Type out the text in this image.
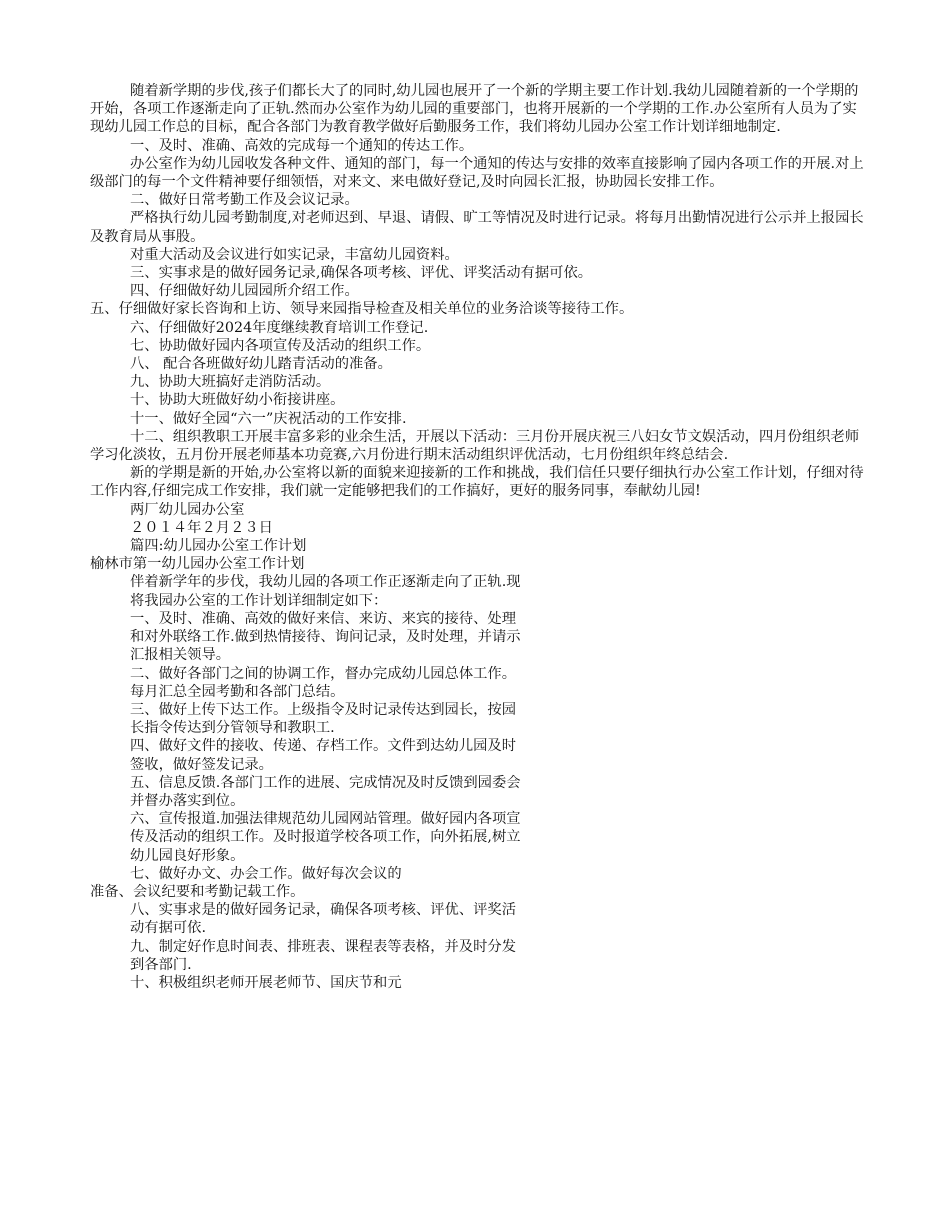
随着新学期的步伐,孩子们都长大了的同时,幼儿园也展开了一个新的学期主要工作计划.我幼儿园随着新的一个学期的开始，各项工作逐渐走向了正轨.然而办公室作为幼儿园的重要部门，也将开展新的一个学期的工作.办公室所有人员为了实现幼儿园工作总的目标，配合各部门为教育教学做好后勤服务工作，我们将幼儿园办公室工作计划详细地制定.

一、及时、准确、高效的完成每一个通知的传达工作。

办公室作为幼儿园收发各种文件、通知的部门，每一个通知的传达与安排的效率直接影响了园内各项工作的开展.对上级部门的每一个文件精神要仔细领悟，对来文、来电做好登记,及时向园长汇报，协助园长安排工作。

二、做好日常考勤工作及会议记录。

严格执行幼儿园考勤制度,对老师迟到、早退、请假、旷工等情况及时进行记录。将每月出勤情况进行公示并上报园长及教育局从事股。

对重大活动及会议进行如实记录，丰富幼儿园资料。

三、实事求是的做好园务记录,确保各项考核、评优、评奖活动有据可依。

四、仔细做好幼儿园园所介绍工作。

五、仔细做好家长咨询和上访、领导来园指导检查及相关单位的业务洽谈等接待工作。

六、仔细做好2024年度继续教育培训工作登记.

七、协助做好园内各项宣传及活动的组织工作。

八、 配合各班做好幼儿踏青活动的准备。

九、协助大班搞好走消防活动。

十、协助大班做好幼小衔接讲座。

十一、做好全园“六一”庆祝活动的工作安排.

十二、组织教职工开展丰富多彩的业余生活，开展以下活动：三月份开展庆祝三八妇女节文娱活动，四月份组织老师学习化淡妆，五月份开展老师基本功竞赛,六月份进行期末活动组织评优活动，七月份组织年终总结会.

新的学期是新的开始,办公室将以新的面貌来迎接新的工作和挑战，我们信任只要仔细执行办公室工作计划，仔细对待工作内容,仔细完成工作安排，我们就一定能够把我们的工作搞好，更好的服务同事，奉献幼儿园!

两厂幼儿园办公室

２０１４年２月２３日

篇四:幼儿园办公室工作计划

榆林市第一幼儿园办公室工作计划

伴着新学年的步伐，我幼儿园的各项工作正逐渐走向了正轨.现将我园办公室的工作计划详细制定如下：

一、及时、准确、高效的做好来信、来访、来宾的接待、处理和对外联络工作.做到热情接待、询问记录，及时处理，并请示汇报相关领导。

二、做好各部门之间的协调工作，督办完成幼儿园总体工作。每月汇总全园考勤和各部门总结。

三、做好上传下达工作。上级指令及时记录传达到园长，按园长指令传达到分管领导和教职工.

四、做好文件的接收、传递、存档工作。文件到达幼儿园及时签收，做好签发记录。

五、信息反馈.各部门工作的进展、完成情况及时反馈到园委会并督办落实到位。

六、宣传报道.加强法律规范幼儿园网站管理。做好园内各项宣传及活动的组织工作。及时报道学校各项工作，向外拓展,树立幼儿园良好形象。

七、做好办文、办会工作。做好每次会议的

准备、会议纪要和考勤记载工作。

八、实事求是的做好园务记录，确保各项考核、评优、评奖活动有据可依.

九、制定好作息时间表、排班表、课程表等表格，并及时分发到各部门.

十、积极组织老师开展老师节、国庆节和元
